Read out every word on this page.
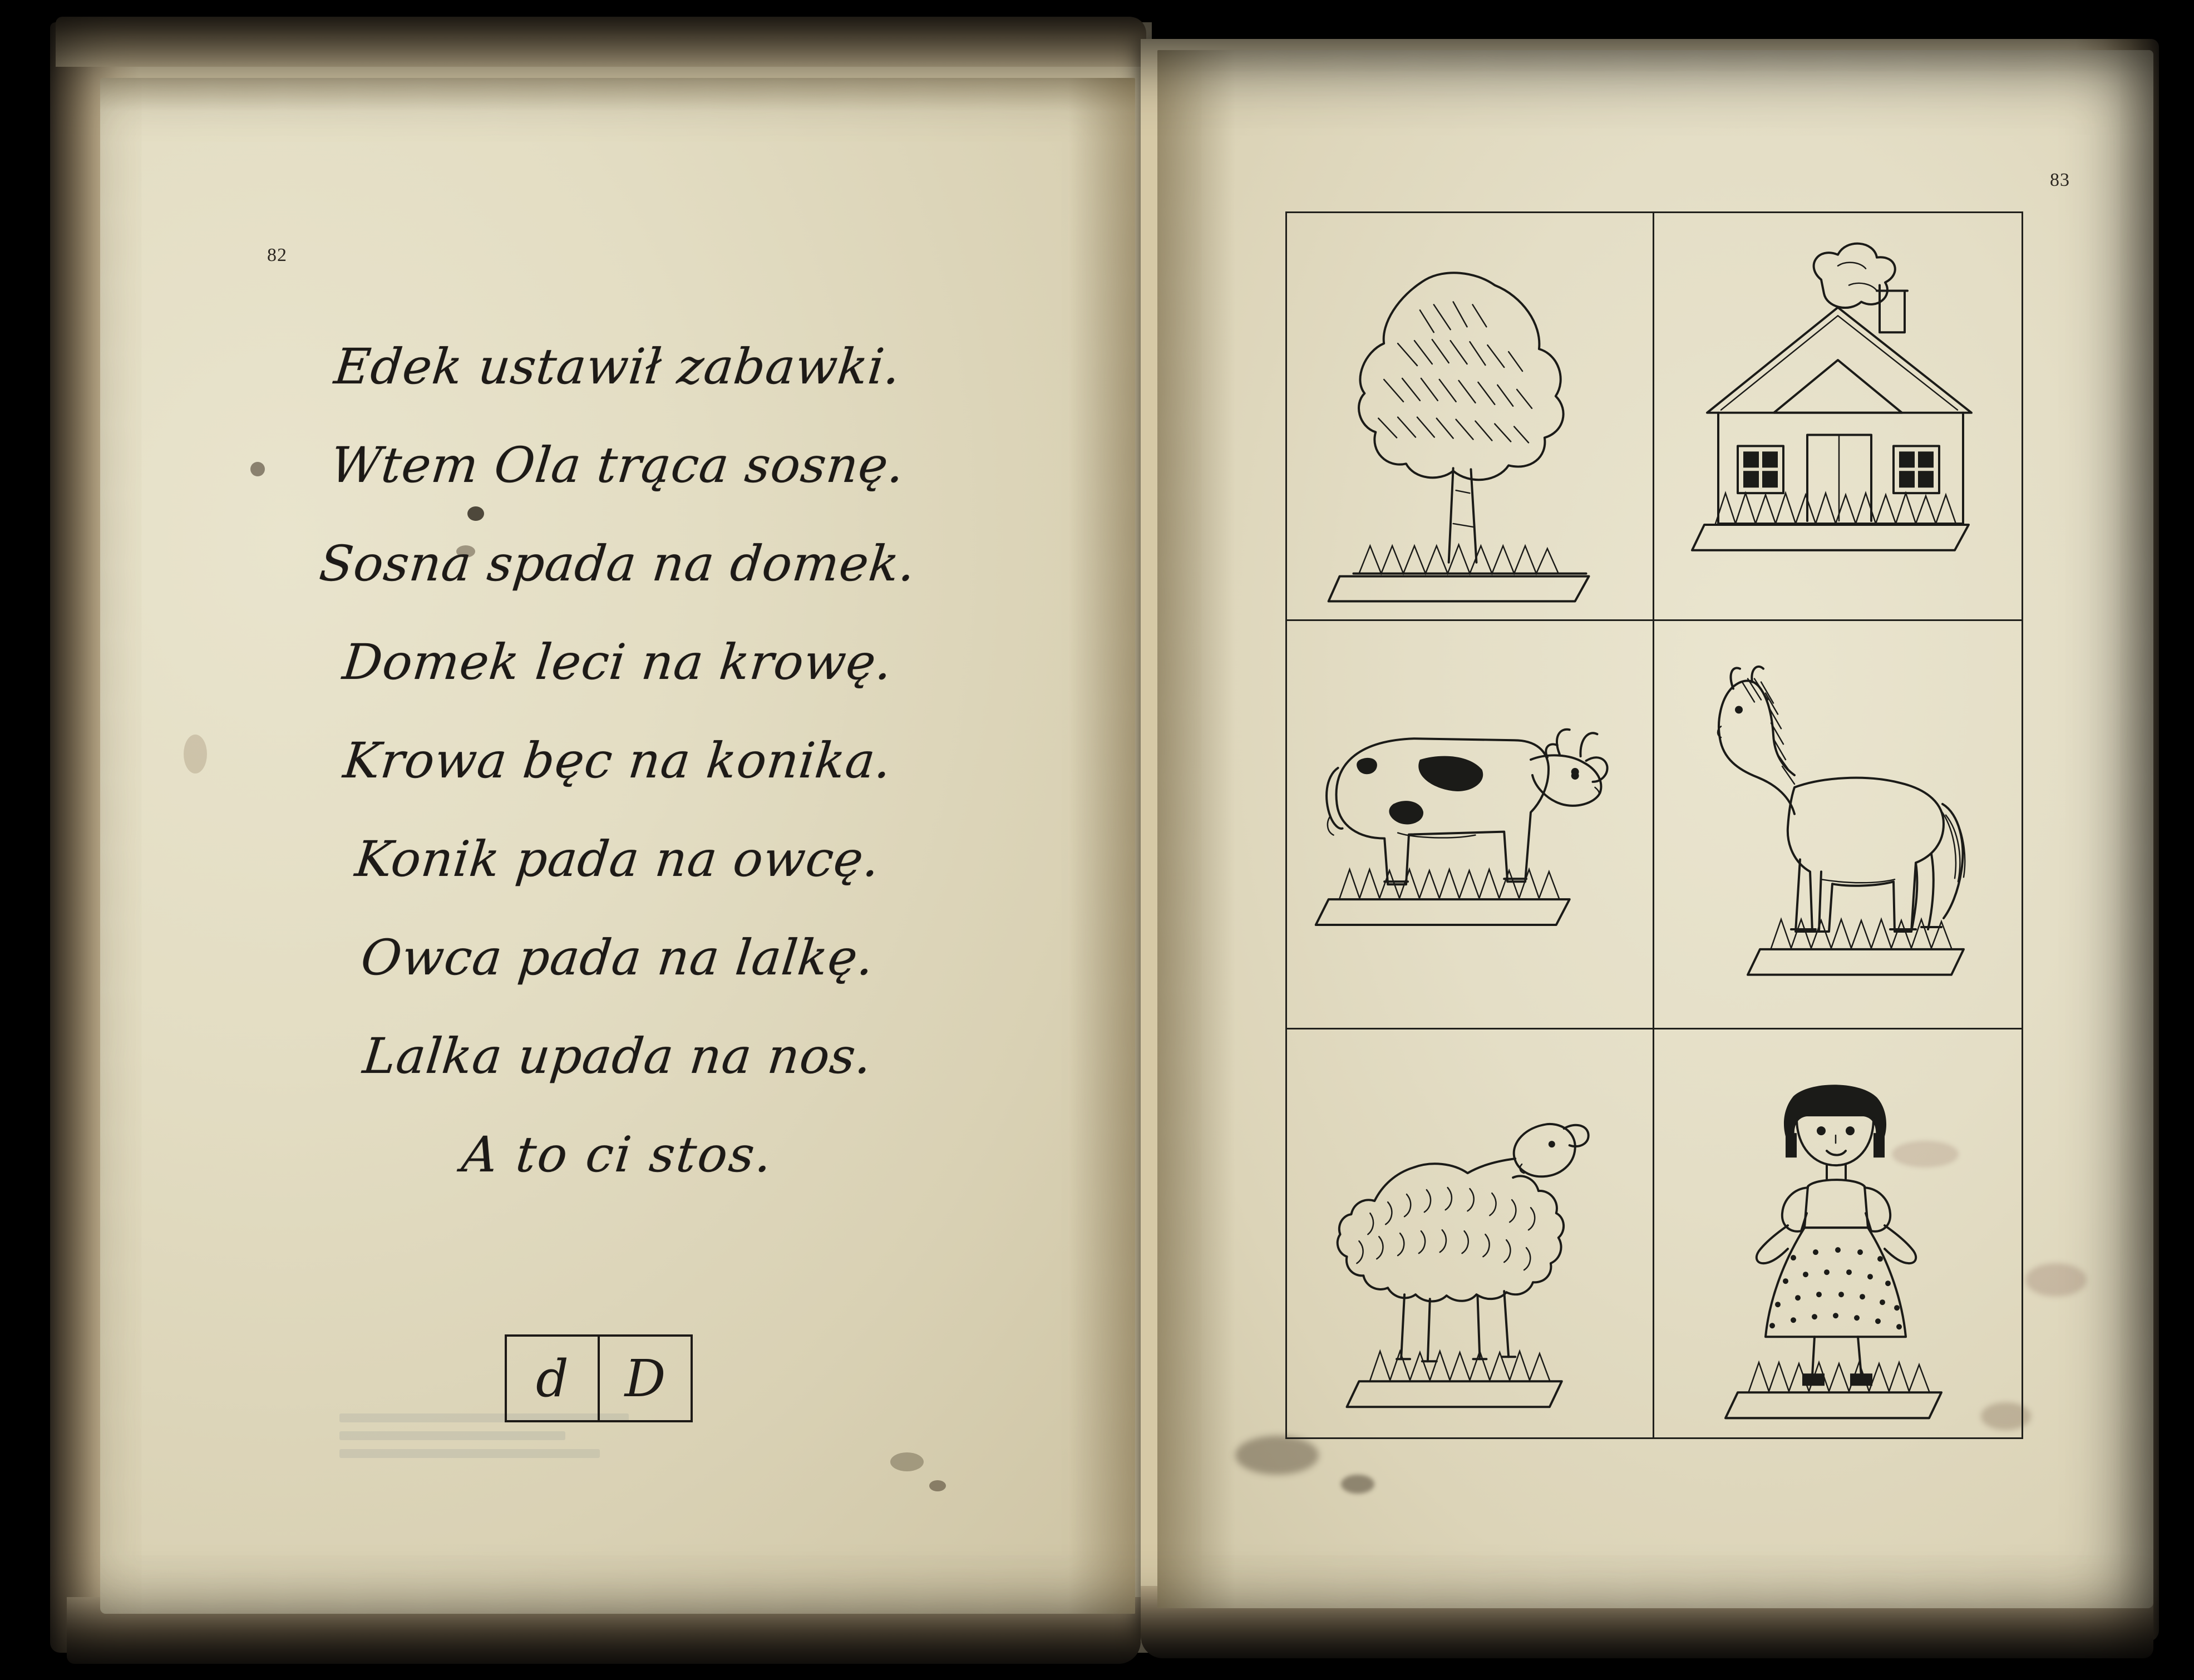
82
Edek ustawił zabawki.
Wtem Ola trąca sosnę.
Sosna spada na domek.
Domek leci na krowę.
Krowa bęc na konika.
Konik pada na owcę.
Owca pada na lalkę.
Lalka upada na nos.
A to ci stos.
d	D
83
